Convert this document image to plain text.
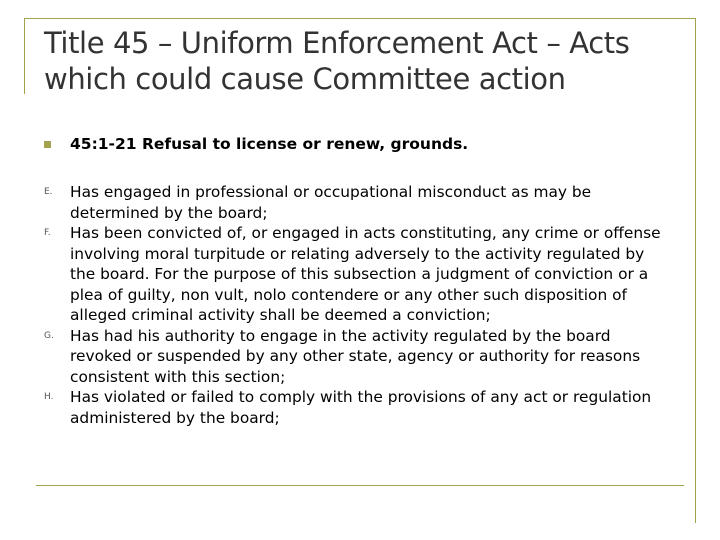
Title 45 – Uniform Enforcement Act – Acts
which could cause Committee action
45:1-21 Refusal to license or renew, grounds.
E. Has engaged in professional or occupational misconduct as may be
determined by the board;
F. Has been convicted of, or engaged in acts constituting, any crime or offense
involving moral turpitude or relating adversely to the activity regulated by
the board. For the purpose of this subsection a judgment of conviction or a
plea of guilty, non vult, nolo contendere or any other such disposition of
alleged criminal activity shall be deemed a conviction;
G. Has had his authority to engage in the activity regulated by the board
revoked or suspended by any other state, agency or authority for reasons
consistent with this section;
H. Has violated or failed to comply with the provisions of any act or regulation
administered by the board;
